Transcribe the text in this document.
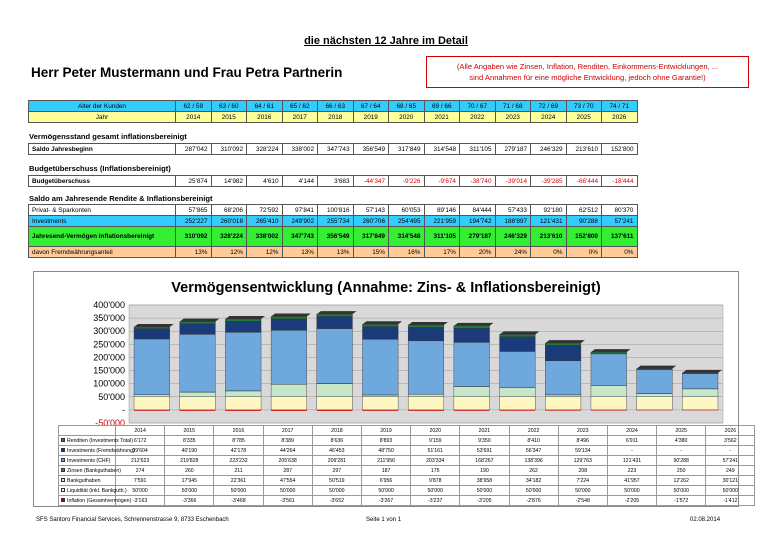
die nächsten 12 Jahre im Detail
Herr Peter Mustermann und Frau Petra Partnerin	(Alle Angaben wie Zinsen, Inflation, Renditen, Einkommens-Entwicklungen, ...
sind Annahmen für eine mögliche Entwicklung, jedoch ohne Garantie!)
Alter der Kunden	62 / 59	63 / 60	64 / 61	65 / 62	66 / 63	67 / 64	68 / 65	69 / 66	70 / 67	71 / 68	72 / 69	73 / 70	74 / 71
Jahr	2014	2015	2016	2017	2018	2019	2020	2021	2022	2023	2024	2025	2026
Vermögensstand gesamt inflationsbereinigt
Saldo Jahresbeginn	287'042	310'092	328'224	338'002	347'743	356'549	317'849	314'548	311'105	279'187	246'329	213'610	152'800
Budgetüberschuss (Inflationsbereinigt)
Budgetüberschuss	25'874	14'982	4'610	4'144	3'683	-44'347	-9'226	-9'674	-38'740	-39'014	-39'285	-66'444	-18'444
Saldo am Jahresende Rendite & Inflationsbereinigt
Privat- & Sparkonten	57'865	68'206	72'592	97'841	100'816	57'143	60'053	89'146	84'444	57'433	92'180	62'512	80'370
Investments	252'227	260'018	265'410	249'902	255'734	260'706	254'495	221'959	194'742	188'897	121'431	90'288	57'241
Jahresend-Vermögen inflationsbereinigt	310'092	328'224	338'002	347'743	356'549	317'849	314'548	311'105	279'187	246'329	213'610	152'800	137'611
davon Fremdwährungsanteil	13%	12%	12%	13%	13%	15%	16%	17%	20%	24%	0%	0%	0%
Vermögensentwicklung (Annahme: Zins- & Inflationsbereinigt)
400'000
350'000
300'000
250'000
200'000
150'000
100'000
50'000
-
-50'000
	2014	2015	2016	2017	2018	2019	2020	2021	2022	2023	2024	2025	2026
Renditen (Investments Total)	6'172	8'335	8'785	8'389	8'636	8'893	9'159	9'350	8'410	8'496	6'911	4'380	3'562
Investments (Fremdwährung)	39'604	40'190	42'178	44'264	46'453	48'750	51'161	53'691	56'347	59'134	-	-	-
Investments (CHF)	212'623	219'828	223'232	205'638	209'281	211'956	203'334	168'267	138'396	129'763	121'431	90'288	57'241
Zinsen (Bankguthaben)	274	260	211	287	297	187	175	190	262	208	223	250	249
Bankguthaben	7'591	17'945	22'361	47'554	50'519	6'956	9'878	38'958	34'182	7'224	41'957	12'262	30'121
Liquidität (inkl. Bankguth.)	50'000	50'000	50'000	50'000	50'000	50'000	50'000	50'000	50'000	50'000	50'000	50'000	50'000
Inflation (Gesamtvermögen)	-3'163	-3'366	-3'468	-3'561	-3'652	-3'267	-3'237	-3'205	-2'876	-2'548	-2'205	-1'572	-1'412
SFS Santoro Financial Services, Schrennenstrasse 9, 8733 Eschenbach	Seite 1 von 1	02.08.2014
